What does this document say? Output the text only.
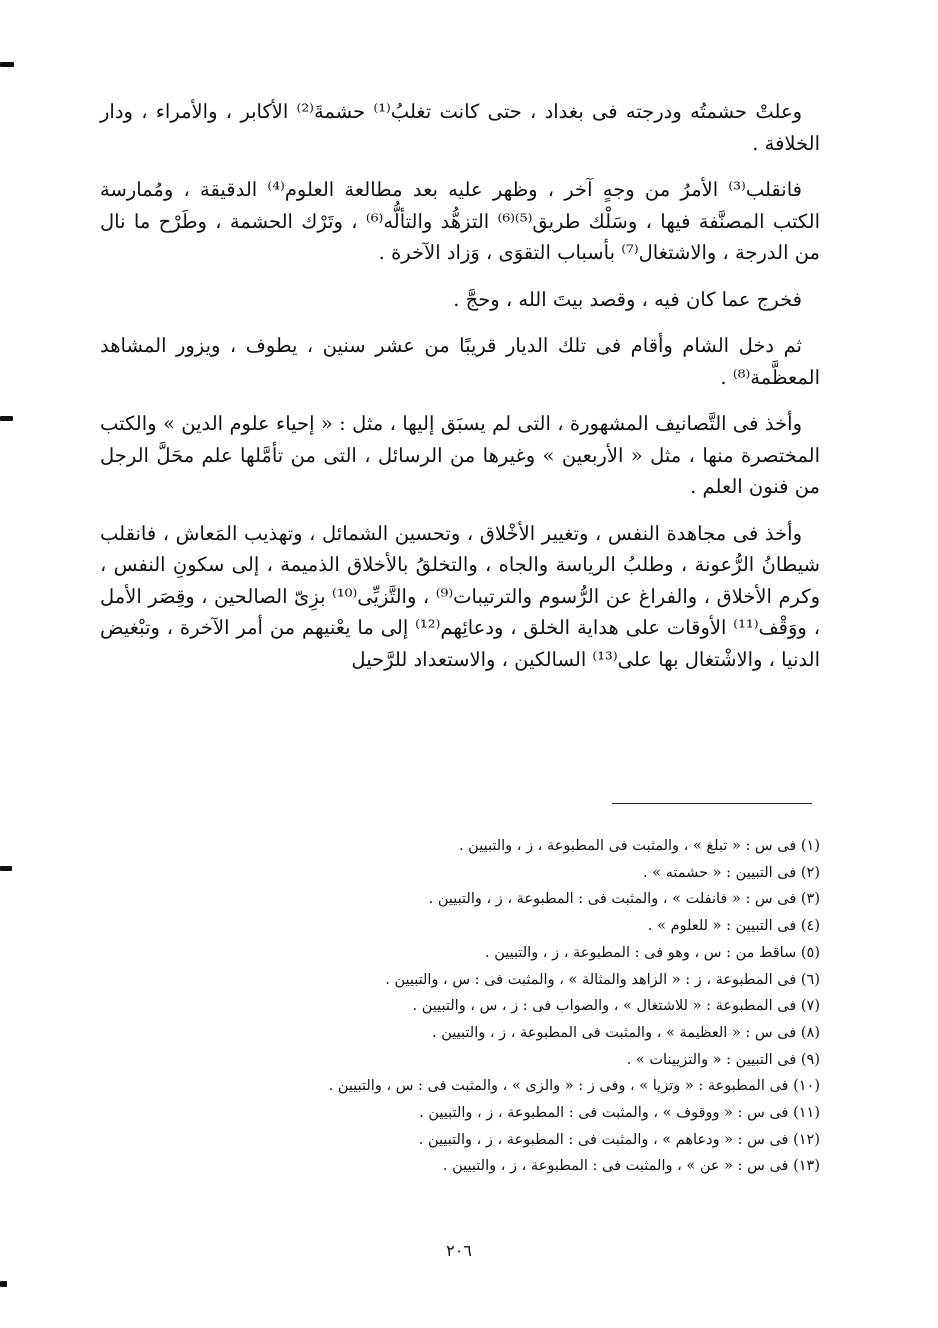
وعلتْ حشمتُه ودرجته فى بغداد ، حتى كانت تغلبُ⁽¹⁾ حشمةَ⁽²⁾ الأكابر ، والأمراء ، ودار الخلافة .

فانقلب⁽³⁾ الأمرُ من وجهٍ آخر ، وظهر عليه بعد مطالعة العلوم⁽⁴⁾ الدقيقة ، ومُمارسة الكتب المصنَّفة فيها ، وسَلْك طريق⁽⁵⁾⁽⁶⁾ التزهُّد والتألُّه⁽⁶⁾ ، وتَرْك الحشمة ، وطَرْح ما نال من الدرجة ، والاشتغال⁽⁷⁾ بأسباب التقوَى ، وَزاد الآخرة .

فخرج عما كان فيه ، وقصد بيتَ الله ، وحجَّ .

ثم دخل الشام وأقام فى تلك الديار قريبًا من عشر سنين ، يطوف ، ويزور المشاهد المعظَّمة⁽⁸⁾ .

وأخذ فى التَّصانيف المشهورة ، التى لم يسبَق إليها ، مثل : « إحياء علوم الدين » والكتب المختصرة منها ، مثل « الأربعين » وغيرها من الرسائل ، التى من تأمَّلها علم محَلَّ الرجل من فنون العلم .

وأخذ فى مجاهدة النفس ، وتغيير الأخْلاق ، وتحسين الشمائل ، وتهذيب المَعاش ، فانقلب شيطانُ الرُّعونة ، وطلبُ الرياسة والجاه ، والتخلقُ بالأخلاق الذميمة ، إلى سكونِ النفس ، وكرم الأخلاق ، والفراغ عن الرُّسوم والترتيبات⁽⁹⁾ ، والتَّزيِّى⁽¹⁰⁾ بزِىّ الصالحين ، وقِصَر الأمل ، ووَقْف⁽¹¹⁾ الأوقات على هداية الخلق ، ودعائِهم⁽¹²⁾ إلى ما يعْنيهم من أمر الآخرة ، وتبْغيض الدنيا ، والاشْتغال بها على⁽¹³⁾ السالكين ، والاستعداد للرَّحيل

(١) فى س : « تبلغ » ، والمثبت فى المطبوعة ، ز ، والتبيين .
(٢) فى التبيين : « حشمته » .
(٣) فى س : « فانفلت » ، والمثبت فى : المطبوعة ، ز ، والتبيين .
(٤) فى التبيين : « للعلوم » .
(٥) ساقط من : س ، وهو فى : المطبوعة ، ز ، والتبيين .
(٦) فى المطبوعة ، ز : « الزاهد والمثالة » ، والمثبت فى : س ، والتبيين .
(٧) فى المطبوعة : « للاشتغال » ، والصواب فى : ز ، س ، والتبيين .
(٨) فى س : « العظيمة » ، والمثبت فى المطبوعة ، ز ، والتبيين .
(٩) فى التبيين : « والتزيينات » .
(١٠) فى المطبوعة : « وتزيا » ، وفى ز : « والزى » ، والمثبت فى : س ، والتبيين .
(١١) فى س : « ووقوف » ، والمثبت فى : المطبوعة ، ز ، والتبيين .
(١٢) فى س : « ودعاهم » ، والمثبت فى : المطبوعة ، ز ، والتبيين .
(١٣) فى س : « عن » ، والمثبت فى : المطبوعة ، ز ، والتبيين .
٢٠٦
